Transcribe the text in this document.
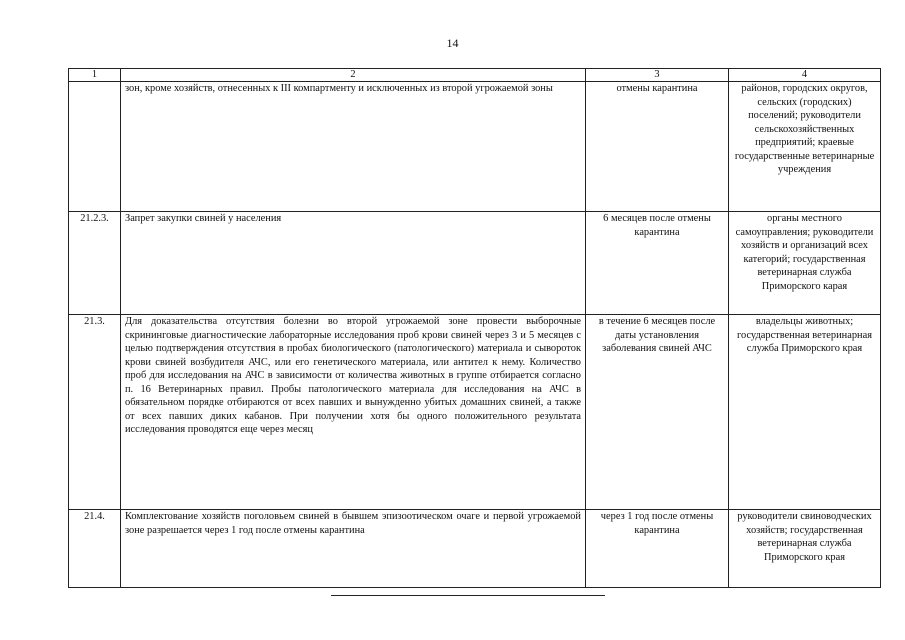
14
1	2	3	4
	зон, кроме хозяйств, отнесенных к III компартменту и исключенных из второй угрожаемой зоны	отмены карантина	районов, городских округов, сельских (городских) поселений; руководители сельскохозяйственных предприятий; краевые государственные ветеринарные учреждения
21.2.3.	Запрет закупки свиней у населения	6 месяцев после отмены карантина	органы местного самоуправления; руководители хозяйств и организаций всех категорий; государственная ветеринарная служба Приморского карая
21.3.	Для доказательства отсутствия болезни во второй угрожаемой зоне провести выборочные скрининговые диагностические лабораторные исследования проб крови свиней через 3 и 5 месяцев с целью подтверждения отсутствия в пробах биологического (патологического) материала и сывороток крови свиней возбудителя АЧС, или его генетического материала, или антител к нему. Количество проб для исследования на АЧС в зависимости от количества животных в группе отбирается согласно п. 16 Ветеринарных правил. Пробы патологического материала для исследования на АЧС в обязательном порядке отбираются от всех павших и вынужденно убитых домашних свиней, а также от всех павших диких кабанов. При получении хотя бы одного положительного результата исследования проводятся еще через месяц	в течение 6 месяцев после даты установления заболевания свиней АЧС	владельцы животных; государственная ветеринарная служба Приморского края
21.4.	Комплектование хозяйств поголовьем свиней в бывшем эпизоотическом очаге и первой угрожаемой зоне разрешается через 1 год после отмены карантина	через 1 год после отмены карантина	руководители свиноводческих хозяйств; государственная ветеринарная служба Приморского края
